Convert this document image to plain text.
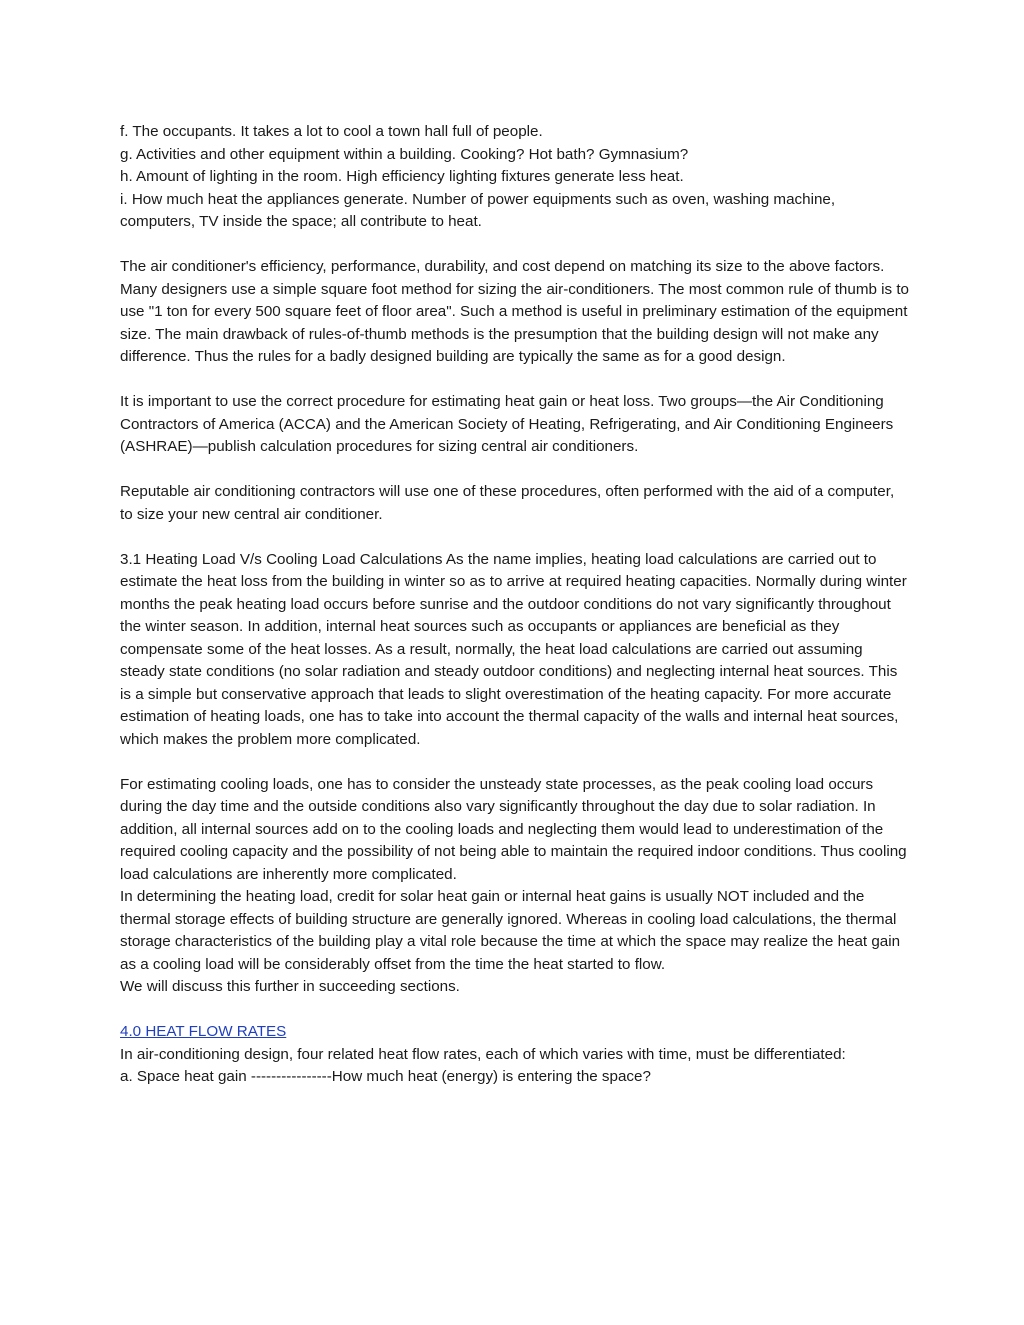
f. The occupants. It takes a lot to cool a town hall full of people.

g. Activities and other equipment within a building. Cooking? Hot bath? Gymnasium?

h. Amount of lighting in the room. High efficiency lighting fixtures generate less heat.

i. How much heat the appliances generate. Number of power equipments such as oven, washing machine, computers, TV inside the space; all contribute to heat.

The air conditioner's efficiency, performance, durability, and cost depend on matching its size to the above factors. Many designers use a simple square foot method for sizing the air-conditioners. The most common rule of thumb is to use "1 ton for every 500 square feet of floor area". Such a method is useful in preliminary estimation of the equipment size. The main drawback of rules-of-thumb methods is the presumption that the building design will not make any difference. Thus the rules for a badly designed building are typically the same as for a good design.

It is important to use the correct procedure for estimating heat gain or heat loss. Two groups—the Air Conditioning Contractors of America (ACCA) and the American Society of Heating, Refrigerating, and Air Conditioning Engineers (ASHRAE)—publish calculation procedures for sizing central air conditioners.

Reputable air conditioning contractors will use one of these procedures, often performed with the aid of a computer, to size your new central air conditioner.

3.1 Heating Load V/s Cooling Load Calculations As the name implies, heating load calculations are carried out to estimate the heat loss from the building in winter so as to arrive at required heating capacities. Normally during winter months the peak heating load occurs before sunrise and the outdoor conditions do not vary significantly throughout the winter season. In addition, internal heat sources such as occupants or appliances are beneficial as they compensate some of the heat losses. As a result, normally, the heat load calculations are carried out assuming steady state conditions (no solar radiation and steady outdoor conditions) and neglecting internal heat sources. This is a simple but conservative approach that leads to slight overestimation of the heating capacity. For more accurate estimation of heating loads, one has to take into account the thermal capacity of the walls and internal heat sources, which makes the problem more complicated.

For estimating cooling loads, one has to consider the unsteady state processes, as the peak cooling load occurs during the day time and the outside conditions also vary significantly throughout the day due to solar radiation. In addition, all internal sources add on to the cooling loads and neglecting them would lead to underestimation of the required cooling capacity and the possibility of not being able to maintain the required indoor conditions. Thus cooling load calculations are inherently more complicated.

In determining the heating load, credit for solar heat gain or internal heat gains is usually NOT included and the thermal storage effects of building structure are generally ignored. Whereas in cooling load calculations, the thermal storage characteristics of the building play a vital role because the time at which the space may realize the heat gain as a cooling load will be considerably offset from the time the heat started to flow.

We will discuss this further in succeeding sections.

4.0 HEAT FLOW RATES

In air-conditioning design, four related heat flow rates, each of which varies with time, must be differentiated:

a. Space heat gain ----------------How much heat (energy) is entering the space?
